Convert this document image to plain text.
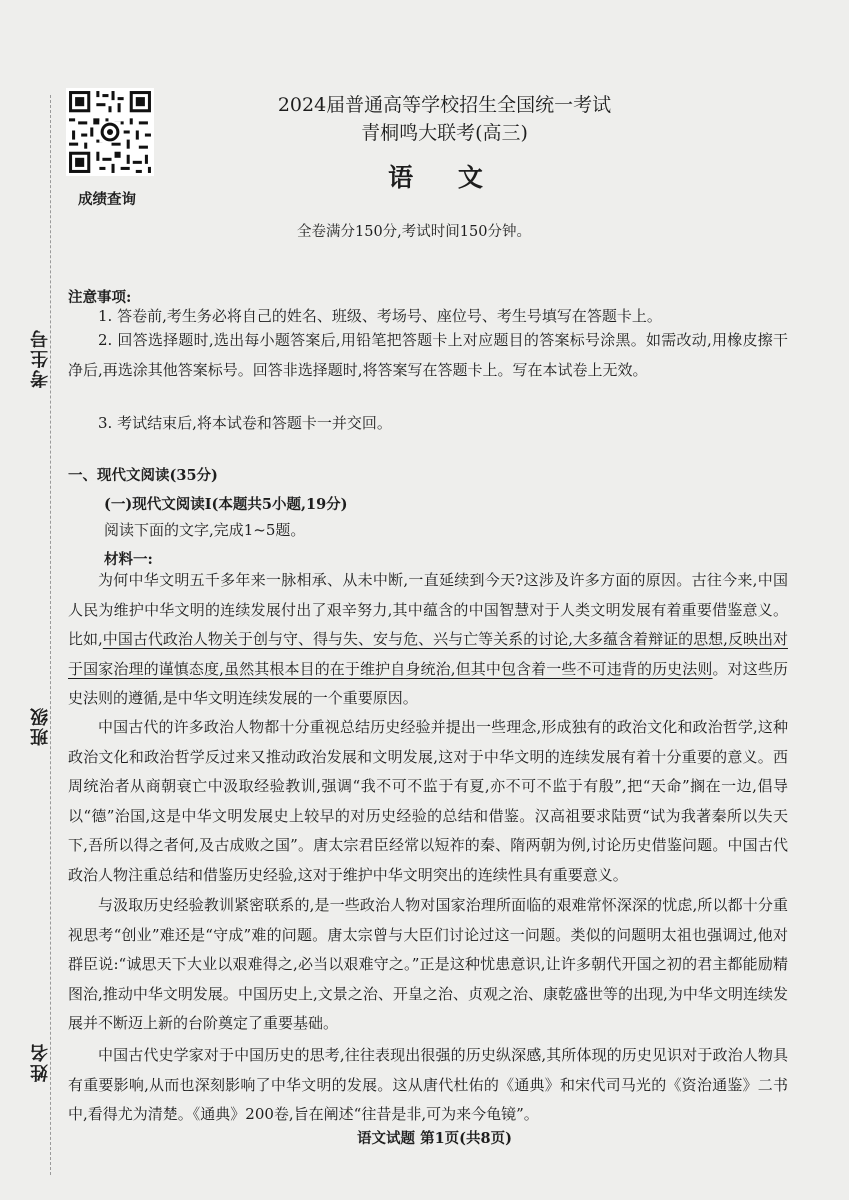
考生号
班级
姓名
成绩查询
2024届普通高等学校招生全国统一考试
青桐鸣大联考(高三)
语 文
全卷满分150分,考试时间150分钟。
注意事项:
1. 答卷前,考生务必将自己的姓名、班级、考场号、座位号、考生号填写在答题卡上。
2. 回答选择题时,选出每小题答案后,用铅笔把答题卡上对应题目的答案标号涂黑。如需改动,用橡皮擦干净后,再选涂其他答案标号。回答非选择题时,将答案写在答题卡上。写在本试卷上无效。
3. 考试结束后,将本试卷和答题卡一并交回。
一、现代文阅读(35分)
(一)现代文阅读Ⅰ(本题共5小题,19分)
阅读下面的文字,完成1~5题。
材料一:
为何中华文明五千多年来一脉相承、从未中断,一直延续到今天?这涉及许多方面的原因。古往今来,中国人民为维护中华文明的连续发展付出了艰辛努力,其中蕴含的中国智慧对于人类文明发展有着重要借鉴意义。比如,中国古代政治人物关于创与守、得与失、安与危、兴与亡等关系的讨论,大多蕴含着辩证的思想,反映出对于国家治理的谨慎态度,虽然其根本目的在于维护自身统治,但其中包含着一些不可违背的历史法则。对这些历史法则的遵循,是中华文明连续发展的一个重要原因。
中国古代的许多政治人物都十分重视总结历史经验并提出一些理念,形成独有的政治文化和政治哲学,这种政治文化和政治哲学反过来又推动政治发展和文明发展,这对于中华文明的连续发展有着十分重要的意义。西周统治者从商朝衰亡中汲取经验教训,强调“我不可不监于有夏,亦不可不监于有殷”,把“天命”搁在一边,倡导以“德”治国,这是中华文明发展史上较早的对历史经验的总结和借鉴。汉高祖要求陆贾“试为我著秦所以失天下,吾所以得之者何,及古成败之国”。唐太宗君臣经常以短祚的秦、隋两朝为例,讨论历史借鉴问题。中国古代政治人物注重总结和借鉴历史经验,这对于维护中华文明突出的连续性具有重要意义。
与汲取历史经验教训紧密联系的,是一些政治人物对国家治理所面临的艰难常怀深深的忧虑,所以都十分重视思考“创业”难还是“守成”难的问题。唐太宗曾与大臣们讨论过这一问题。类似的问题明太祖也强调过,他对群臣说:“诚思天下大业以艰难得之,必当以艰难守之。”正是这种忧患意识,让许多朝代开国之初的君主都能励精图治,推动中华文明发展。中国历史上,文景之治、开皇之治、贞观之治、康乾盛世等的出现,为中华文明连续发展并不断迈上新的台阶奠定了重要基础。
中国古代史学家对于中国历史的思考,往往表现出很强的历史纵深感,其所体现的历史见识对于政治人物具有重要影响,从而也深刻影响了中华文明的发展。这从唐代杜佑的《通典》和宋代司马光的《资治通鉴》二书中,看得尤为清楚。《通典》200卷,旨在阐述“往昔是非,可为来今龟镜”。
语文试题 第1页(共8页)
